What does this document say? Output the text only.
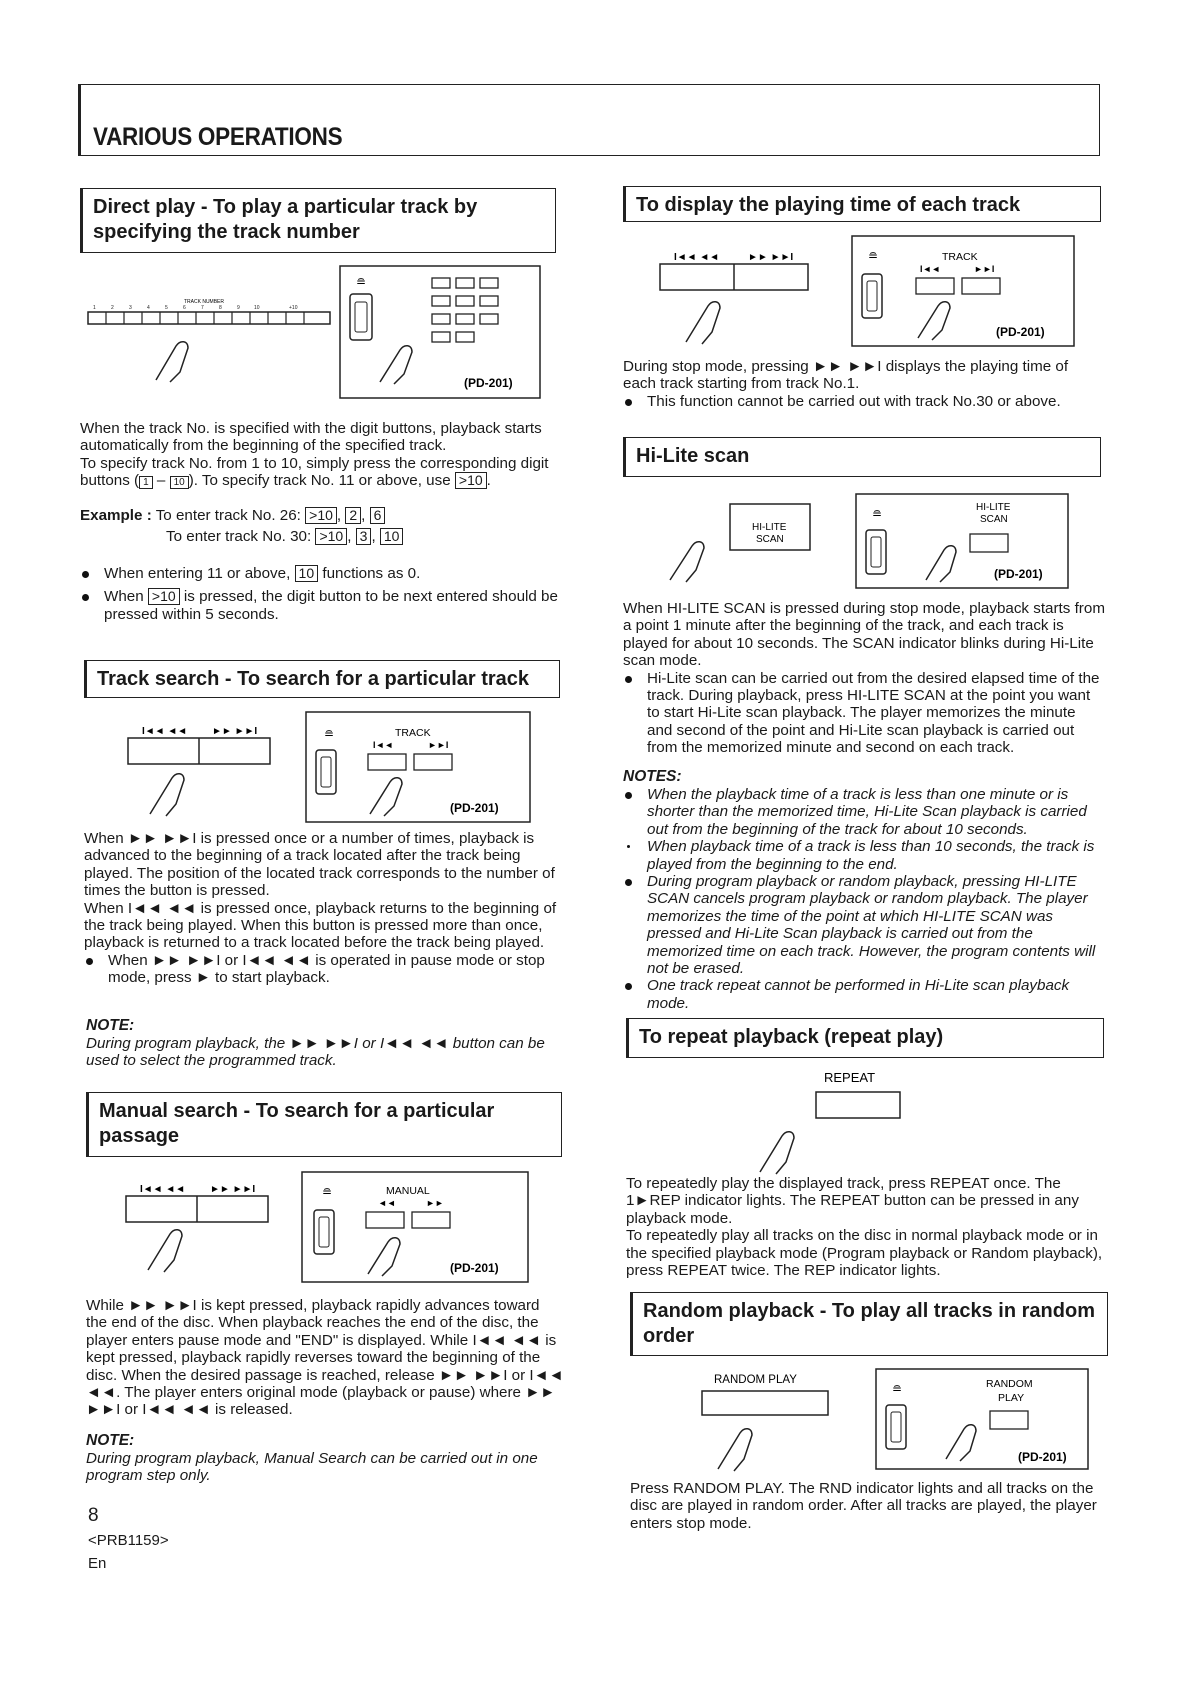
VARIOUS OPERATIONS
Direct play - To play a particular track by specifying the track number
TRACK NUMBER
1	2	3	4	5	6	7	8	9	10	+10
≘
(PD-201)
When the track No. is specified with the digit buttons, playback starts automatically from the beginning of the specified track.
To specify track No. from 1 to 10, simply press the corresponding digit buttons ( 1 – 10 ). To specify track No. 11 or above, use >10 .
Example : To enter track No. 26: >10 , 2 , 6
To enter track No. 30: >10 , 3 , 10
When entering 11 or above, 10 functions as 0.
When >10 is pressed, the digit button to be next entered should be pressed within 5 seconds.
Track search - To search for a particular track
I◄◄ ◄◄ ►► ►►I	≘	TRACK
I◄◄	►►I
(PD-201)
When ►► ►►I is pressed once or a number of times, playback is advanced to the beginning of a track located after the track being played. The position of the located track corresponds to the number of times the button is pressed.
When I◄◄ ◄◄ is pressed once, playback returns to the beginning of the track being played. When this button is pressed more than once, playback is returned to a track located before the track being played.
When ►► ►►I or I◄◄ ◄◄ is operated in pause mode or stop mode, press ► to start playback.
NOTE:
During program playback, the ►► ►►I or I◄◄ ◄◄ button can be used to select the programmed track.
Manual search - To search for a particular passage
I◄◄ ◄◄ ►► ►►I	≘	MANUAL
◄◄	►►
(PD-201)
While ►► ►►I is kept pressed, playback rapidly advances toward the end of the disc. When playback reaches the end of the disc, the player enters pause mode and "END" is displayed. While I◄◄ ◄◄ is kept pressed, playback rapidly reverses toward the beginning of the disc. When the desired passage is reached, release ►► ►►I or I◄◄ ◄◄. The player enters original mode (playback or pause) where ►► ►►I or I◄◄ ◄◄ is released.
NOTE:
During program playback, Manual Search can be carried out in one program step only.
8
<PRB1159>
En
To display the playing time of each track
I◄◄ ◄◄	►► ►►I	≘	TRACK
I◄◄	►►I
(PD-201)
During stop mode, pressing ►► ►►I displays the playing time of each track starting from track No.1.
This function cannot be carried out with track No.30 or above.
Hi-Lite scan
HI-LITE
SCAN
≘	HI-LITE
SCAN
(PD-201)
When HI-LITE SCAN is pressed during stop mode, playback starts from a point 1 minute after the beginning of the track, and each track is played for about 10 seconds. The SCAN indicator blinks during Hi-Lite scan mode.
Hi-Lite scan can be carried out from the desired elapsed time of the track. During playback, press HI-LITE SCAN at the point you want to start Hi-Lite scan playback. The player memorizes the minute and second of the point and Hi-Lite scan playback is carried out from the memorized minute and second on each track.
NOTES:
When the playback time of a track is less than one minute or is shorter than the memorized time, Hi-Lite Scan playback is carried out from the beginning of the track for about 10 seconds.
When playback time of a track is less than 10 seconds, the track is played from the beginning to the end.
During program playback or random playback, pressing HI-LITE SCAN cancels program playback or random playback. The player memorizes the time of the point at which HI-LITE SCAN was pressed and Hi-Lite Scan playback is carried out from the memorized time on each track. However, the program contents will not be erased.
One track repeat cannot be performed in Hi-Lite scan playback mode.
To repeat playback (repeat play)
REPEAT
To repeatedly play the displayed track, press REPEAT once. The 1►REP indicator lights. The REPEAT button can be pressed in any playback mode.
To repeatedly play all tracks on the disc in normal playback mode or in the specified playback mode (Program playback or Random playback), press REPEAT twice. The REP indicator lights.
Random playback - To play all tracks in random order
RANDOM PLAY
≘	RANDOM
PLAY
(PD-201)
Press RANDOM PLAY. The RND indicator lights and all tracks on the disc are played in random order. After all tracks are played, the player enters stop mode.
